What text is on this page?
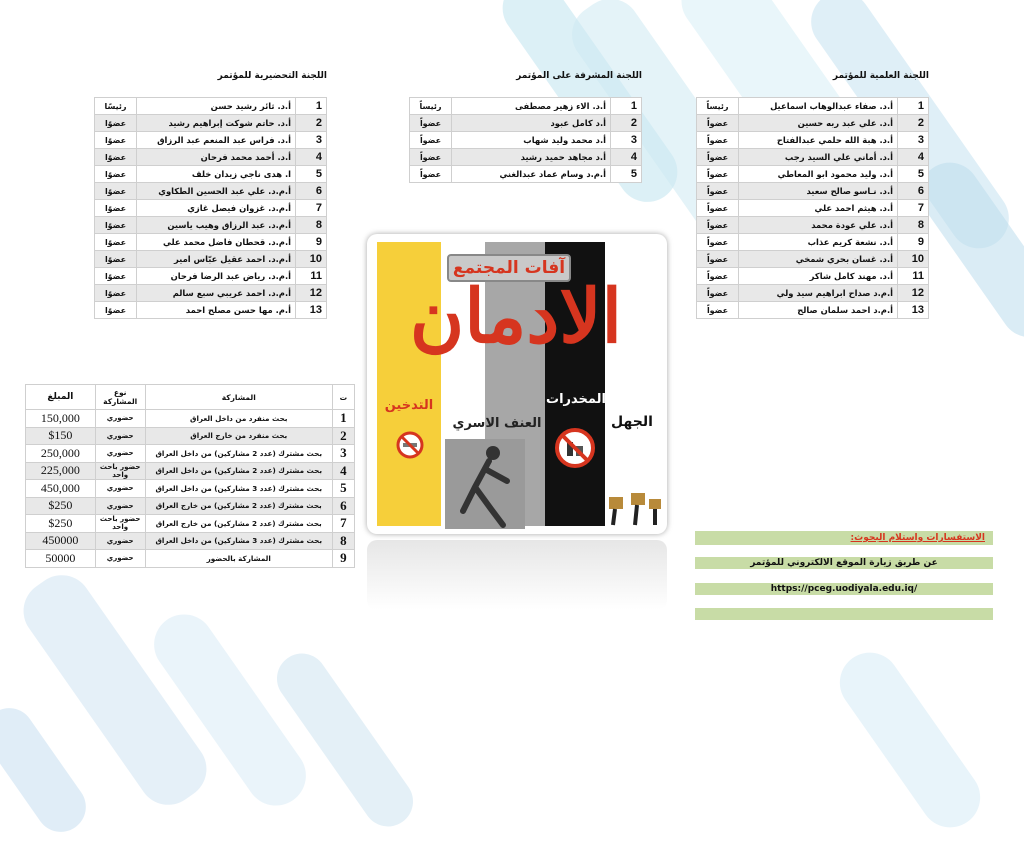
اللجنة العلمية للمؤتمر
اللجنة المشرفة على المؤتمر
اللجنة التحضيرية للمؤتمر
1	أ.د. صفاء عبدالوهاب اسماعيل	رئيساً
2	أ.د. علي عبد ربه حسين	عضواً
3	أ.د. هبة الله حلمي عبدالفتاح	عضواً
4	أ.د. أماني علي السيد رجب	عضواً
5	أ.د. وليد محمود ابو المعاطي	عضواً
6	أ.د. نـاسو صالح سعيد	عضواً
7	أ.د. هيثم احمد علي	عضواً
8	أ.د. علي عودة محمد	عضواً
9	أ.د. نشعة كريم عذاب	عضواً
10	أ.د. غسان بحري شمخي	عضواً
11	أ.د. مهند كامل شاكر	عضواً
12	أ.م.د صداح ابراهيم سيد ولي	عضواً
13	أ.م.د احمد سلمان صالح	عضواً
1	أ.د. الاء زهير مصطفى	رئيساً
2	أ.د كامل عبود	عضواً
3	أ.د محمد وليد شهاب	عضواً
4	أ.د مجاهد حميد رشيد	عضواً
5	أ.م.د وسام عماد عبدالغني	عضواً
1	أ.د. ثائر رشيد حسن	رئيسًا
2	أ.د. حاتم شوكت إبراهيم رشيد	عضوًا
3	أ.د. فراس عبد المنعم عبد الرزاق	عضوًا
4	أ.د. أحمد محمد فرحان	عضوًا
5	ا. هدى ناجي زيدان خلف	عضوًا
6	أ.م.د. علي عبد الحسين الطكاوي	عضوًا
7	أ.م.د. غزوان فيصل غازي	عضوًا
8	أ.م.د. عبد الرزاق وهيب ياسين	عضوًا
9	أ.م.د. قحطان فاضل محمد علي	عضوًا
10	أ.م.د. احمد عقيل عبّاس امير	عضوًا
11	أ.م.د. رياض عبد الرضا فرحان	عضوًا
12	أ.م.د. احمد عريبي سبع سالم	عضوًا
13	أ.م. مها حسن مصلح احمد	عضوًا
ت	المشاركة	نوع المشاركة	المبلغ
1	بحث منفرد من داخل العراق	حضوري	150,000
2	بحث منفرد من خارج العراق	حضوري	$150
3	بحث مشترك (عدد 2 مشاركين) من داخل العراق	حضوري	250,000
4	بحث مشترك (عدد 2 مشاركين) من داخل العراق	حضور باحث واحد	225,000
5	بحث مشترك (عدد 3 مشاركين) من داخل العراق	حضوري	450,000
6	بحث مشترك (عدد 2 مشاركين) من خارج العراق	حضوري	$250
7	بحث مشترك (عدد 2 مشاركين) من خارج العراق	حضور باحث واحد	$250
8	بحث مشترك (عدد 3 مشاركين) من داخل العراق	حضوري	450000
9	المشاركة بالحضور	حضوري	50000
آفات المجتمع
الادمان
التدخين
العنف الاسري
المخدرات
الجهل
الاستفسارات واستلام البحوث:
عن طريق زيارة الموقع الالكتروني للمؤتمر
https://pceg.uodiyala.edu.iq/
